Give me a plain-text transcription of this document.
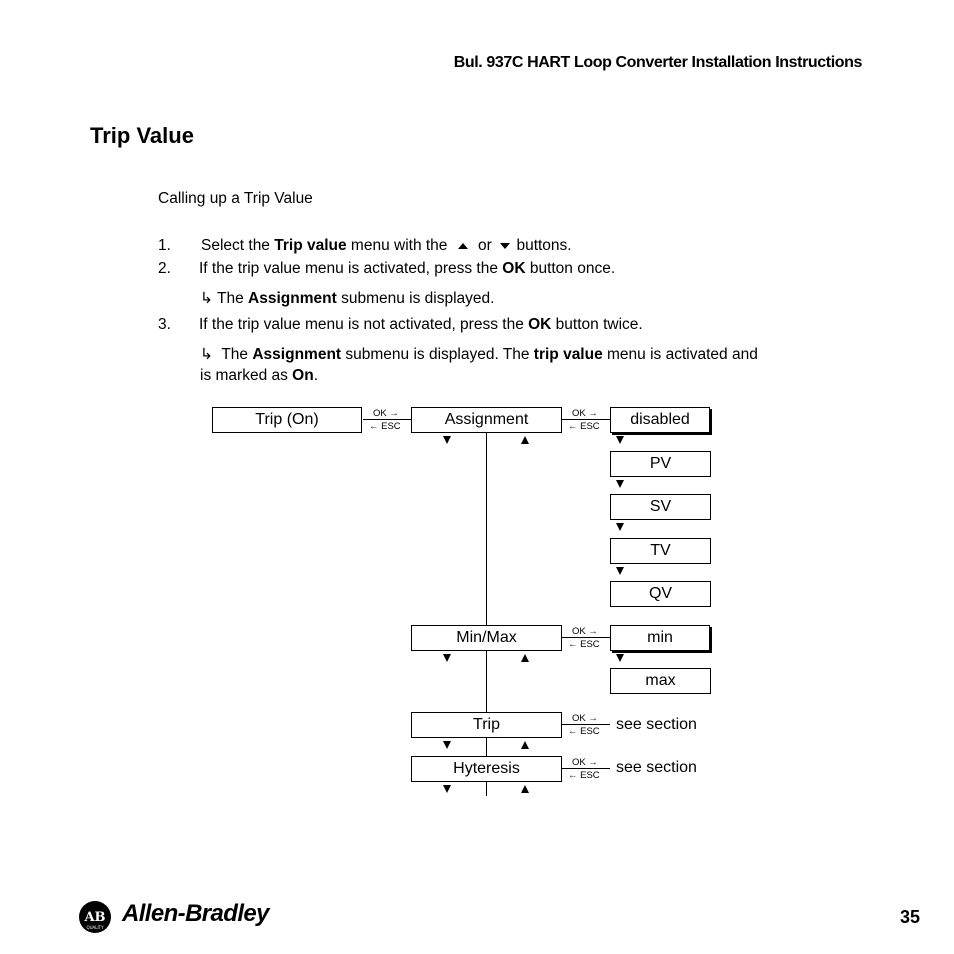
Bul. 937C HART Loop Converter Installation Instructions
Trip Value
Calling up a Trip Value
1. Select the Trip value menu with the  or  buttons.
2. If the trip value menu is activated, press the OK button once.
↳ The Assignment submenu is displayed.
3. If the trip value menu is not activated, press the OK button twice.
↳  The Assignment submenu is displayed. The trip value menu is activated and
is marked as On.
Trip (On)	OK →
← ESC	Assignment	OK →
← ESC disabled
PV
SV
TV
QV
Min/Max	OK →
← ESC	min
max
Trip	OK →
← ESC see section
Hyteresis	OK →
← ESC see section
AB
QUALITY
Allen-Bradley	35
